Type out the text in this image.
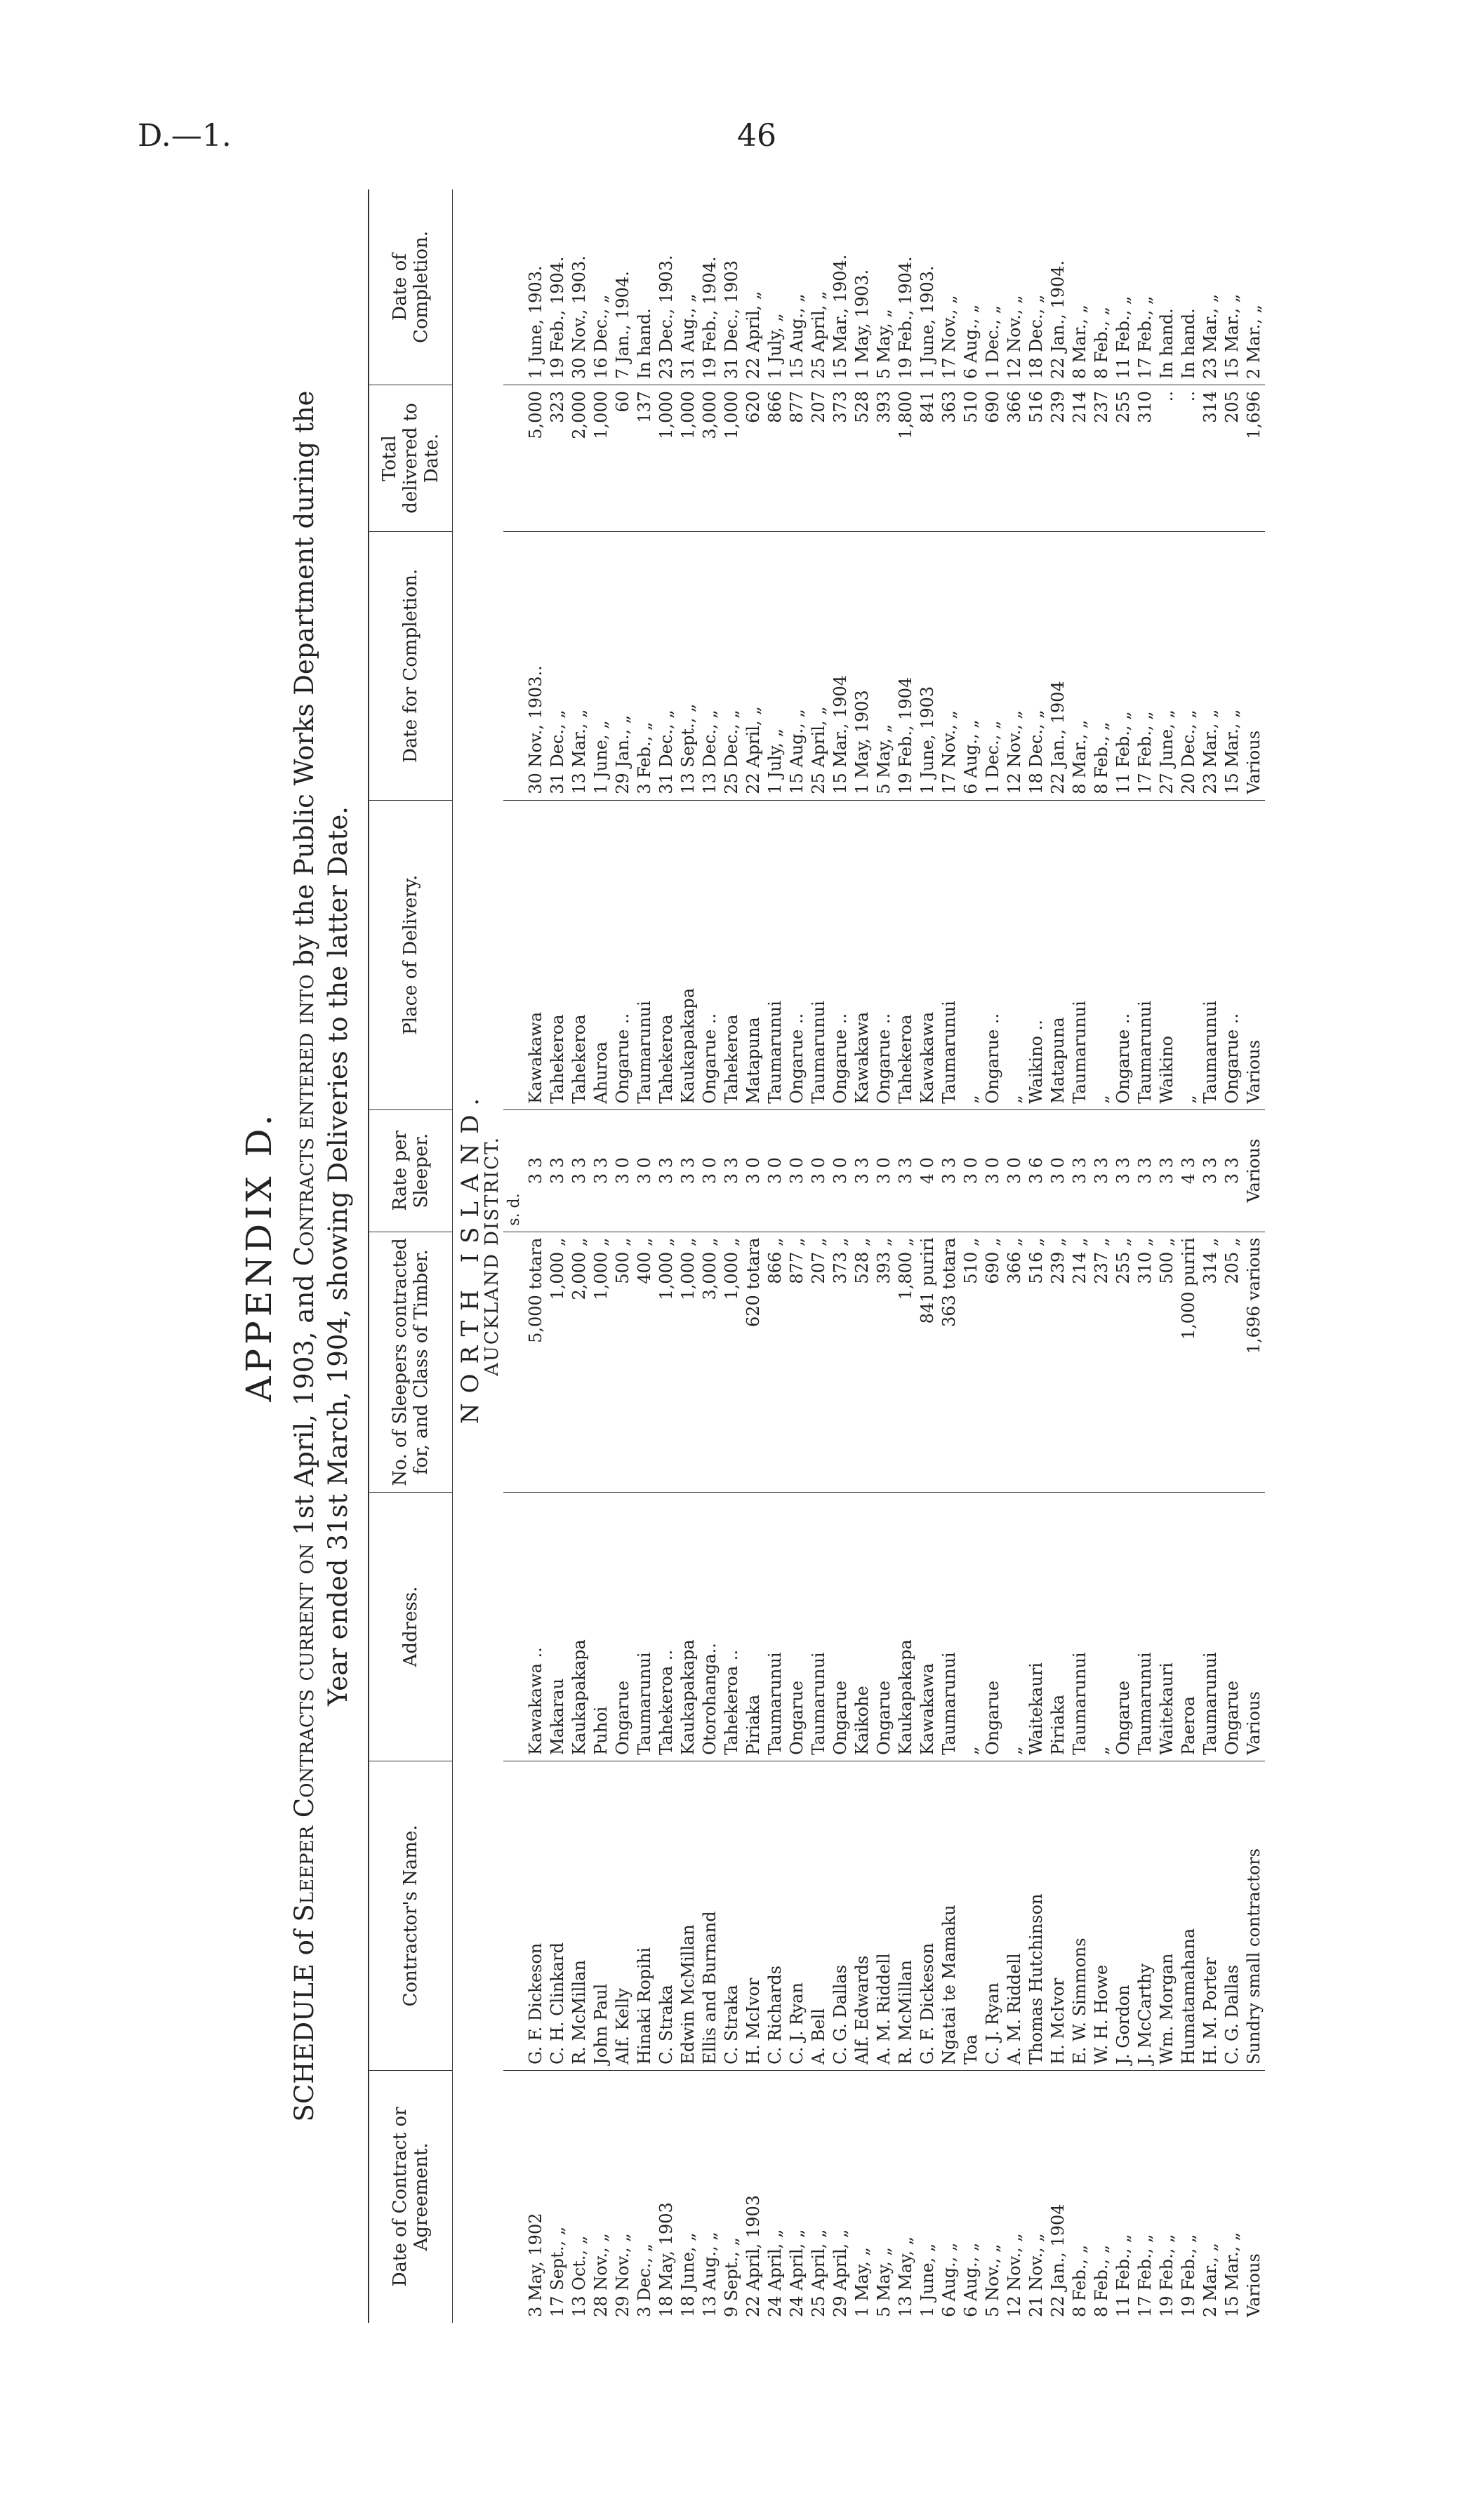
D.—1.	46
APPENDIX D.
SCHEDULE of Sleeper Contracts current on 1st April, 1903, and Contracts entered into by the Public Works Department during the
Year ended 31st March, 1904, showing Deliveries to the latter Date.
Date of Contract or Agreement.	Contractor's Name.	Address.	No. of Sleepers contracted for, and Class of Timber.	Rate per Sleeper.	Place of Delivery.	Date for Completion.	Total delivered to Date.	Date of Completion.
NORTH ISLAND.								
AUCKLAND DISTRICT.								
				s. d.				
3 May, 1902	G. F. Dickeson	Kawakawa ..	5,000 totara	3 3	Kawakawa	30 Nov., 1903..	5,000	1 June, 1903.
17 Sept., „	C. H. Clinkard	Makarau	1,000 „	3 3	Tahekeroa	31 Dec., „	323	19 Feb., 1904.
13 Oct., „	R. McMillan	Kaukapakapa	2,000 „	3 3	Tahekeroa	13 Mar., „	2,000	30 Nov., 1903.
28 Nov., „	John Paul	Puhoi	1,000 „	3 3	Ahuroa	1 June, „	1,000	16 Dec., „
29 Nov., „	Alf. Kelly	Ongarue	500 „	3 0	Ongarue ..	29 Jan., „	60	7 Jan., 1904.
3 Dec., „	Hinaki Ropihi	Taumarunui	400 „	3 0	Taumarunui	3 Feb., „	137	In hand.
18 May, 1903	C. Straka	Tahekeroa ..	1,000 „	3 3	Tahekeroa	31 Dec., „	1,000	23 Dec., 1903.
18 June, „	Edwin McMillan	Kaukapakapa	1,000 „	3 3	Kaukapakapa	13 Sept., „	1,000	31 Aug., „
13 Aug., „	Ellis and Burnand	Otorohanga..	3,000 „	3 0	Ongarue ..	13 Dec., „	3,000	19 Feb., 1904.
9 Sept., „	C. Straka	Tahekeroa ..	1,000 „	3 3	Tahekeroa	25 Dec., „	1,000	31 Dec., 1903
22 April, 1903	H. McIvor	Piriaka	620 totara	3 0	Matapuna	22 April, „	620	22 April, „
24 April, „	C. Richards	Taumarunui	866 „	3 0	Taumarunui	1 July, „	866	1 July, „
24 April, „	C. J. Ryan	Ongarue	877 „	3 0	Ongarue ..	15 Aug., „	877	15 Aug., „
25 April, „	A. Bell	Taumarunui	207 „	3 0	Taumarunui	25 April, „	207	25 April, „
29 April, „	C. G. Dallas	Ongarue	373 „	3 0	Ongarue ..	15 Mar., 1904	373	15 Mar., 1904.
1 May, „	Alf. Edwards	Kaikohe	528 „	3 3	Kawakawa	1 May, 1903	528	1 May, 1903.
5 May, „	A. M. Riddell	Ongarue	393 „	3 0	Ongarue ..	5 May, „	393	5 May, „
13 May, „	R. McMillan	Kaukapakapa	1,800 „	3 3	Tahekeroa	19 Feb., 1904	1,800	19 Feb., 1904.
1 June, „	G. F. Dickeson	Kawakawa	841 puriri	4 0	Kawakawa	1 June, 1903	841	1 June, 1903.
6 Aug., „	Ngatai te Mamaku	Taumarunui	363 totara	3 3	Taumarunui	17 Nov., „	363	17 Nov., „
6 Aug., „	Toa	„	510 „	3 0	„	6 Aug., „	510	6 Aug., „
5 Nov., „	C. J. Ryan	Ongarue	690 „	3 0	Ongarue ..	1 Dec., „	690	1 Dec., „
12 Nov., „	A. M. Riddell	„	366 „	3 0	„	12 Nov., „	366	12 Nov., „
21 Nov., „	Thomas Hutchinson	Waitekauri	516 „	3 6	Waikino ..	18 Dec., „	516	18 Dec., „
22 Jan., 1904	H. McIvor	Piriaka	239 „	3 0	Matapuna	22 Jan., 1904	239	22 Jan., 1904.
8 Feb., „	E. W. Simmons	Taumarunui	214 „	3 3	Taumarunui	8 Mar., „	214	8 Mar., „
8 Feb., „	W. H. Howe	„	237 „	3 3	„	8 Feb., „	237	8 Feb., „
11 Feb., „	J. Gordon	Ongarue	255 „	3 3	Ongarue ..	11 Feb., „	255	11 Feb., „
17 Feb., „	J. McCarthy	Taumarunui	310 „	3 3	Taumarunui	17 Feb., „	310	17 Feb., „
19 Feb., „	Wm. Morgan	Waitekauri	500 „	3 3	Waikino	27 June, „	..	In hand.
19 Feb., „	Humatamahana	Paeroa	1,000 puriri	4 3	„	20 Dec., „	..	In hand.
2 Mar., „	H. M. Porter	Taumarunui	314 „	3 3	Taumarunui	23 Mar., „	314	23 Mar., „
15 Mar., „	C. G. Dallas	Ongarue	205 „	3 3	Ongarue ..	15 Mar., „	205	15 Mar., „
Various	Sundry small contractors	Various	1,696 various	Various	Various	Various	1,696	2 Mar., „
